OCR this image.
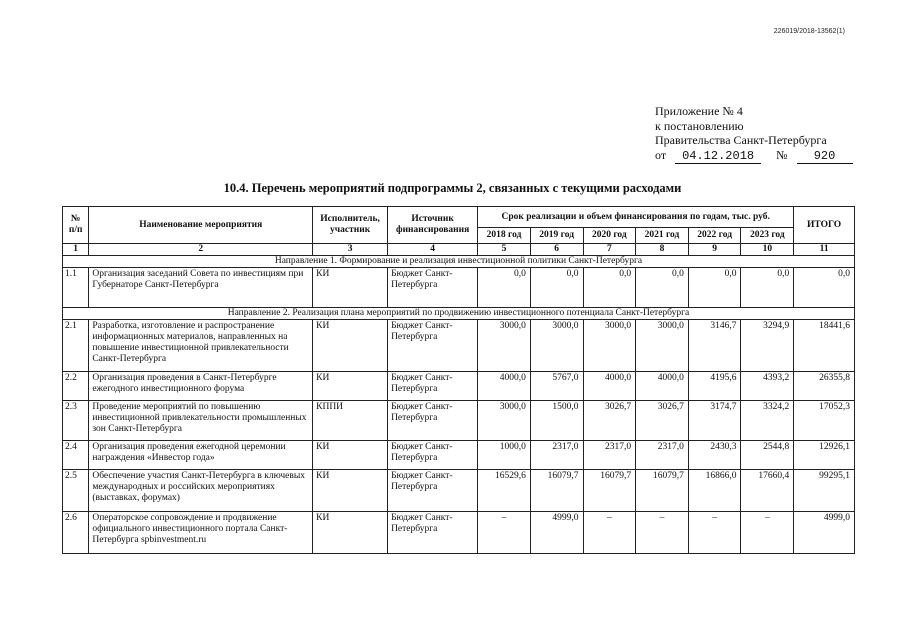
226019/2018-13562(1)
Приложение № 4
к постановлению
Правительства Санкт-Петербурга
от 04.12.2018 № 920
10.4. Перечень мероприятий подпрограммы 2, связанных с текущими расходами
№ п/п	Наименование мероприятия	Исполнитель, участник	Источник финансирования	Срок реализации и объем финансирования по годам, тыс. руб.						ИТОГО
				2018 год	2019 год	2020 год	2021 год	2022 год	2023 год	
1	2	3	4	5	6	7	8	9	10	11
Направление 1. Формирование и реализация инвестиционной политики Санкт-Петербурга										
1.1	Организация заседаний Совета по инвестициям при Губернаторе Санкт-Петербурга	КИ	Бюджет Санкт-Петербурга	0,0	0,0	0,0	0,0	0,0	0,0	0,0
Направление 2. Реализация плана мероприятий по продвижению инвестиционного потенциала Санкт-Петербурга										
2.1	Разработка, изготовление и распространение информационных материалов, направленных на повышение инвестиционной привлекательности Санкт-Петербурга	КИ	Бюджет Санкт-Петербурга	3000,0	3000,0	3000,0	3000,0	3146,7	3294,9	18441,6
2.2	Организация проведения в Санкт-Петербурге ежегодного инвестиционного форума	КИ	Бюджет Санкт-Петербурга	4000,0	5767,0	4000,0	4000,0	4195,6	4393,2	26355,8
2.3	Проведение мероприятий по повышению инвестиционной привлекательности промышленных зон Санкт-Петербурга	КППИ	Бюджет Санкт-Петербурга	3000,0	1500,0	3026,7	3026,7	3174,7	3324,2	17052,3
2.4	Организация проведения ежегодной церемонии награждения «Инвестор года»	КИ	Бюджет Санкт-Петербурга	1000,0	2317,0	2317,0	2317,0	2430,3	2544,8	12926,1
2.5	Обеспечение участия Санкт-Петербурга в ключевых международных и российских мероприятиях (выставках, форумах)	КИ	Бюджет Санкт-Петербурга	16529,6	16079,7	16079,7	16079,7	16866,0	17660,4	99295,1
2.6	Операторское сопровождение и продвижение официального инвестиционного портала Санкт-Петербурга spbinvestment.ru	КИ	Бюджет Санкт-Петербурга	–	4999,0	–	–	–	–	4999,0
